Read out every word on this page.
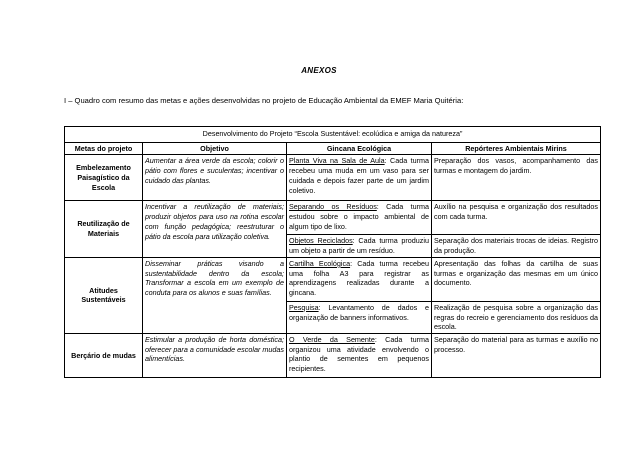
ANEXOS
I – Quadro com resumo das metas e ações desenvolvidas no projeto de Educação Ambiental da EMEF Maria Quitéria:
Desenvolvimento do Projeto “Escola Sustentável: ecolúdica e amiga da natureza”			
Metas do projeto	Objetivo	Gincana Ecológica	Repórteres Ambientais Mirins
Embelezamento Paisagístico da Escola	Aumentar a área verde da escola; colorir o pátio com flores e suculentas; incentivar o cuidado das plantas.	Planta Viva na Sala de Aula: Cada turma recebeu uma muda em um vaso para ser cuidada e depois fazer parte de um jardim coletivo.	Preparação dos vasos, acompanhamento das turmas e montagem do jardim.
Reutilização de Materiais	Incentivar a reutilização de materiais; produzir objetos para uso na rotina escolar com função pedagógica; reestruturar o pátio da escola para utilização coletiva.	Separando os Resíduos: Cada turma estudou sobre o impacto ambiental de algum tipo de lixo.	Auxílio na pesquisa e organização dos resultados com cada turma.
		Objetos Reciclados: Cada turma produziu um objeto a partir de um resíduo.	Separação dos materiais trocas de ideias. Registro da produção.
Atitudes Sustentáveis	Disseminar práticas visando a sustentabilidade dentro da escola; Transformar a escola em um exemplo de conduta para os alunos e suas famílias.	Cartilha Ecológica: Cada turma recebeu uma folha A3 para registrar as aprendizagens realizadas durante a gincana.	Apresentação das folhas da cartilha de suas turmas e organização das mesmas em um único documento.
		Pesquisa: Levantamento de dados e organização de banners informativos.	Realização de pesquisa sobre a organização das regras do recreio e gerenciamento dos resíduos da escola.
Berçário de mudas	Estimular a produção de horta doméstica; oferecer para a comunidade escolar mudas alimentícias.	O Verde da Semente: Cada turma organizou uma atividade envolvendo o plantio de sementes em pequenos recipientes.	Separação do material para as turmas e auxílio no processo.
